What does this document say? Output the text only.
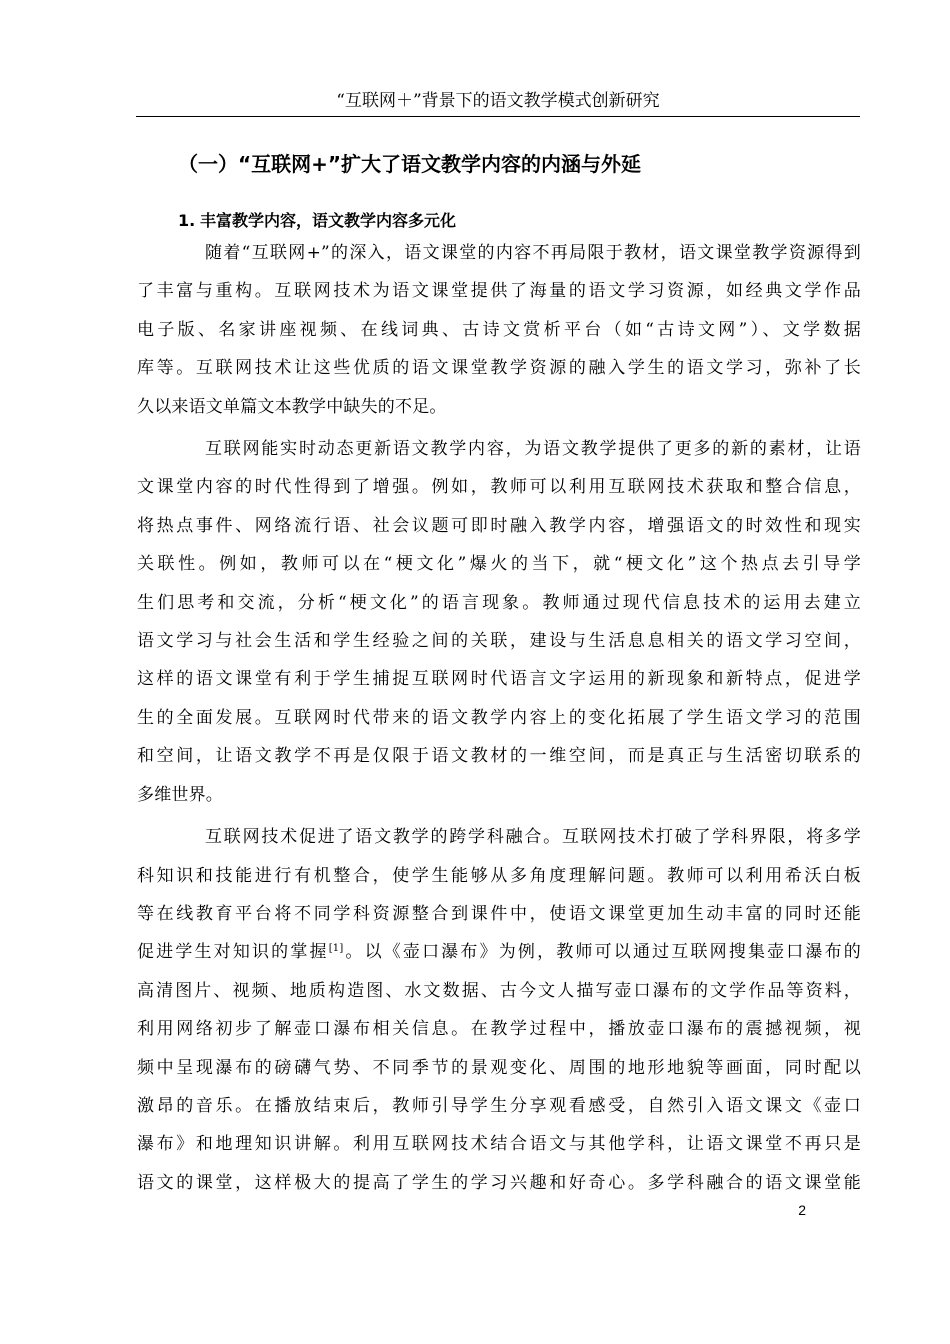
“互联网＋”背景下的语文教学模式创新研究
（一）“互联网+”扩大了语文教学内容的内涵与外延
1. 丰富教学内容，语文教学内容多元化
随着“互联网+”的深入，语文课堂的内容不再局限于教材，语文课堂教学资源得到
了丰富与重构。互联网技术为语文课堂提供了海量的语文学习资源，如经典文学作品
电子版、名家讲座视频、在线词典、古诗文赏析平台（如“古诗文网”）、文学数据
库等。互联网技术让这些优质的语文课堂教学资源的融入学生的语文学习，弥补了长
久以来语文单篇文本教学中缺失的不足。
互联网能实时动态更新语文教学内容，为语文教学提供了更多的新的素材，让语
文课堂内容的时代性得到了增强。例如，教师可以利用互联网技术获取和整合信息，
将热点事件、网络流行语、社会议题可即时融入教学内容，增强语文的时效性和现实
关联性。例如，教师可以在“梗文化”爆火的当下，就“梗文化”这个热点去引导学
生们思考和交流，分析“梗文化”的语言现象。教师通过现代信息技术的运用去建立
语文学习与社会生活和学生经验之间的关联，建设与生活息息相关的语文学习空间，
这样的语文课堂有利于学生捕捉互联网时代语言文字运用的新现象和新特点，促进学
生的全面发展。互联网时代带来的语文教学内容上的变化拓展了学生语文学习的范围
和空间，让语文教学不再是仅限于语文教材的一维空间，而是真正与生活密切联系的
多维世界。
互联网技术促进了语文教学的跨学科融合。互联网技术打破了学科界限，将多学
科知识和技能进行有机整合，使学生能够从多角度理解问题。教师可以利用希沃白板
等在线教育平台将不同学科资源整合到课件中，使语文课堂更加生动丰富的同时还能
促进学生对知识的掌握[1]。以《壶口瀑布》为例，教师可以通过互联网搜集壶口瀑布的
高清图片、视频、地质构造图、水文数据、古今文人描写壶口瀑布的文学作品等资料，
利用网络初步了解壶口瀑布相关信息。在教学过程中，播放壶口瀑布的震撼视频，视
频中呈现瀑布的磅礴气势、不同季节的景观变化、周围的地形地貌等画面，同时配以
激昂的音乐。在播放结束后，教师引导学生分享观看感受，自然引入语文课文《壶口
瀑布》和地理知识讲解。利用互联网技术结合语文与其他学科，让语文课堂不再只是
语文的课堂，这样极大的提高了学生的学习兴趣和好奇心。多学科融合的语文课堂能
2
